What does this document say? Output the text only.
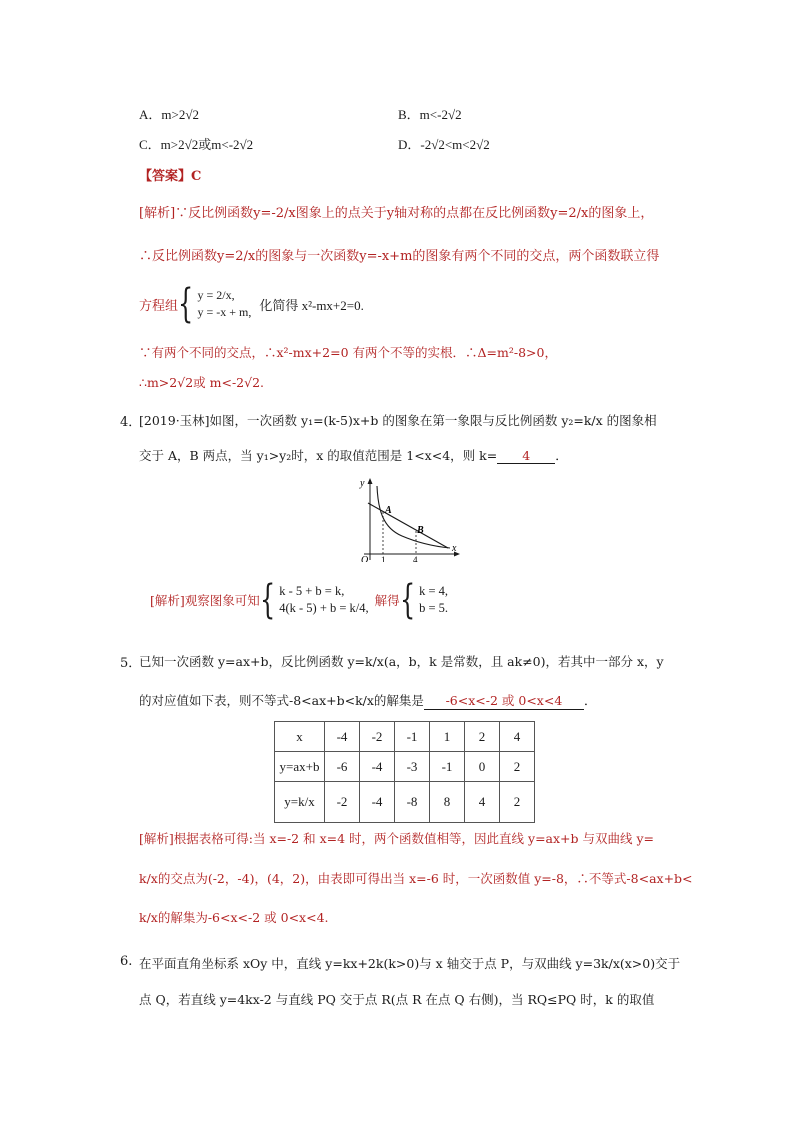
A．m>2√2	B．m<-2√2
C．m>2√2或m<-2√2	D．-2√2<m<2√2
【答案】C
[解析]∵反比例函数y=-2/x图象上的点关于y轴对称的点都在反比例函数y=2/x的图象上，
∴反比例函数y=2/x的图象与一次函数y=-x+m的图象有两个不同的交点，两个函数联立得
方程组 { y = 2/x,
y = -x + m, 化简得 x²-mx+2=0.
∵有两个不同的交点，∴x²-mx+2=0 有两个不等的实根．∴Δ=m²-8>0，
∴m>2√2或 m<-2√2.
4．
[2019·玉林]如图，一次函数 y₁=(k-5)x+b 的图象在第一象限与反比例函数 y₂=k/x 的图象相
交于 A，B 两点，当 y₁>y₂时，x 的取值范围是 1<x<4，则 k= 4 ．
y
x
O
A
B
1	4
[解析]观察图象可知 { k - 5 + b = k,
4(k - 5) + b = k/4, 解得 { k = 4,
b = 5.
5．
已知一次函数 y=ax+b，反比例函数 y=k/x(a，b，k 是常数，且 ak≠0)，若其中一部分 x，y
的对应值如下表，则不等式-8<ax+b<k/x的解集是 -6<x<-2 或 0<x<4 ．
x	-4	-2	-1	1	2	4
y=ax+b	-6	-4	-3	-1	0	2
y=k/x	-2	-4	-8	8	4	2
[解析]根据表格可得:当 x=-2 和 x=4 时，两个函数值相等，因此直线 y=ax+b 与双曲线 y=
k/x的交点为(-2，-4)，(4，2)，由表即可得出当 x=-6 时，一次函数值 y=-8，∴不等式-8<ax+b<
k/x的解集为-6<x<-2 或 0<x<4.
6. 在平面直角坐标系 xOy 中，直线 y=kx+2k(k>0)与 x 轴交于点 P，与双曲线 y=3k/x(x>0)交于
点 Q，若直线 y=4kx-2 与直线 PQ 交于点 R(点 R 在点 Q 右侧)，当 RQ≤PQ 时，k 的取值
